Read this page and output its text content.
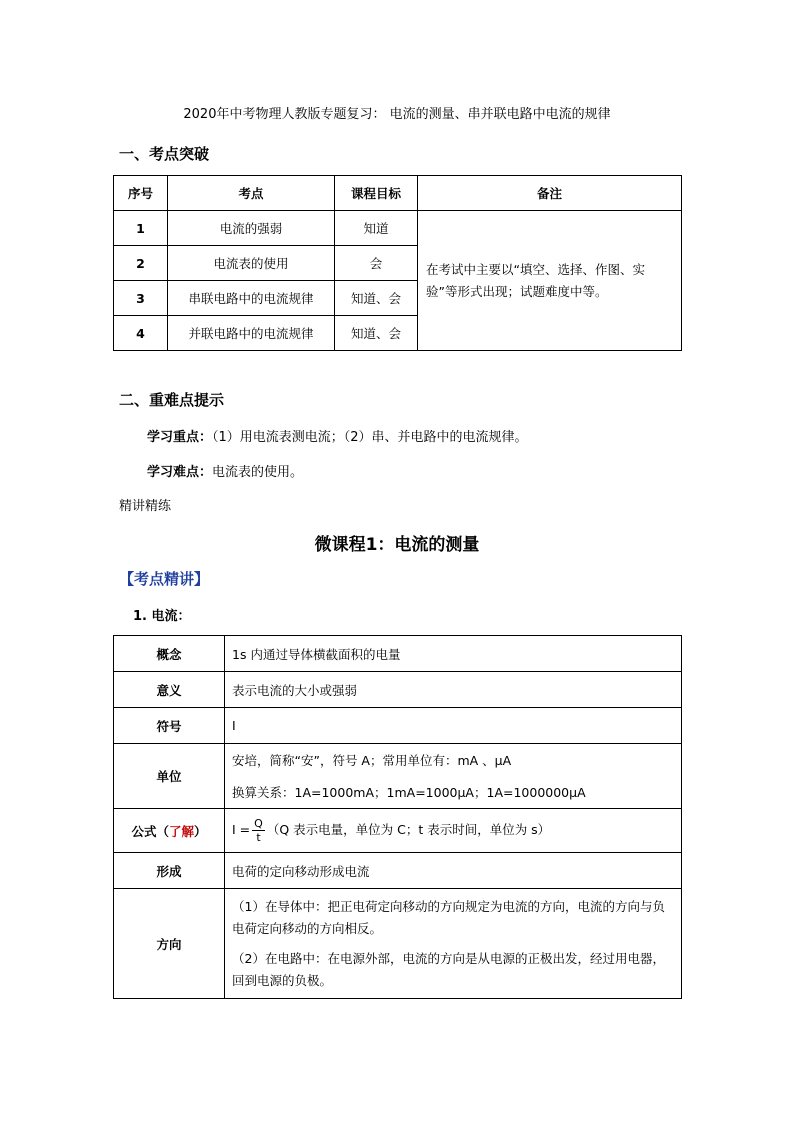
2020年中考物理人教版专题复习： 电流的测量、串并联电路中电流的规律
一、考点突破
序号	考点	课程目标	备注
1	电流的强弱	知道	在考试中主要以“填空、选择、作图、实验”等形式出现；试题难度中等。
2	电流表的使用	会	
3	串联电路中的电流规律	知道、会	
4	并联电路中的电流规律	知道、会	
二、重难点提示
学习重点：（1）用电流表测电流；（2）串、并电路中的电流规律。
学习难点：电流表的使用。
精讲精练
微课程1：电流的测量
【考点精讲】
1. 电流：
概念	1s 内通过导体横截面积的电量
意义	表示电流的大小或强弱
符号	I
单位	安培，简称“安”，符号 A；常用单位有：mA 、μA
换算关系：1A=1000mA；1mA=1000μA；1A=1000000μA

公式（了解）	$I = \frac{Q}{t} (Q$ 表示电量，单位为 C；t 表示时间，单位为 s）
形成	电荷的定向移动形成电流
方向	（1）在导体中：把正电荷定向移动的方向规定为电流的方向，电流的方向与负电荷定向移动的方向相反。
（2）在电路中：在电源外部，电流的方向是从电源的正极出发，经过用电器，回到电源的负极。
